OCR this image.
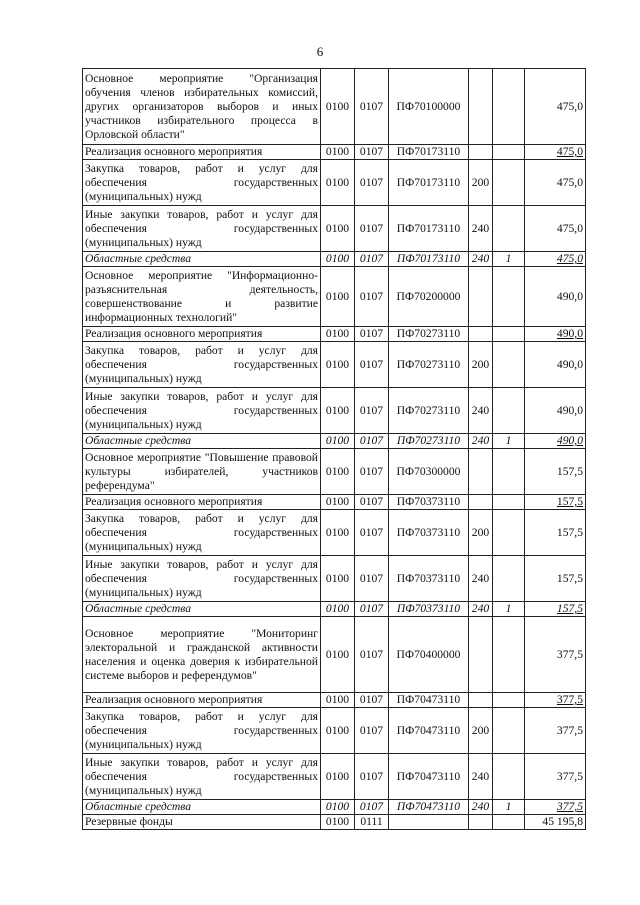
6
Основное мероприятие "Организация обучения членов избирательных комиссий, других организаторов выборов и иных участников избирательного процесса в Орловской области"	0100	0107	ПФ70100000			475,0
Реализация основного мероприятия	0100	0107	ПФ70173110			475,0
Закупка товаров, работ и услуг для обеспечения государственных (муниципальных) нужд	0100	0107	ПФ70173110	200		475,0
Иные закупки товаров, работ и услуг для обеспечения государственных (муниципальных) нужд	0100	0107	ПФ70173110	240		475,0
Областные средства	0100	0107	ПФ70173110	240	1	475,0
Основное мероприятие "Информационно-разъяснительная деятельность, совершенствование и развитие информационных технологий"	0100	0107	ПФ70200000			490,0
Реализация основного мероприятия	0100	0107	ПФ70273110			490,0
Закупка товаров, работ и услуг для обеспечения государственных (муниципальных) нужд	0100	0107	ПФ70273110	200		490,0
Иные закупки товаров, работ и услуг для обеспечения государственных (муниципальных) нужд	0100	0107	ПФ70273110	240		490,0
Областные средства	0100	0107	ПФ70273110	240	1	490,0
Основное мероприятие "Повышение правовой культуры избирателей, участников референдума"	0100	0107	ПФ70300000			157,5
Реализация основного мероприятия	0100	0107	ПФ70373110			157,5
Закупка товаров, работ и услуг для обеспечения государственных (муниципальных) нужд	0100	0107	ПФ70373110	200		157,5
Иные закупки товаров, работ и услуг для обеспечения государственных (муниципальных) нужд	0100	0107	ПФ70373110	240		157,5
Областные средства	0100	0107	ПФ70373110	240	1	157,5
Основное мероприятие "Мониторинг электоральной и гражданской активности населения и оценка доверия к избирательной системе выборов и референдумов"	0100	0107	ПФ70400000			377,5
Реализация основного мероприятия	0100	0107	ПФ70473110			377,5
Закупка товаров, работ и услуг для обеспечения государственных (муниципальных) нужд	0100	0107	ПФ70473110	200		377,5
Иные закупки товаров, работ и услуг для обеспечения государственных (муниципальных) нужд	0100	0107	ПФ70473110	240		377,5
Областные средства	0100	0107	ПФ70473110	240	1	377,5
Резервные фонды	0100	0111				45 195,8
